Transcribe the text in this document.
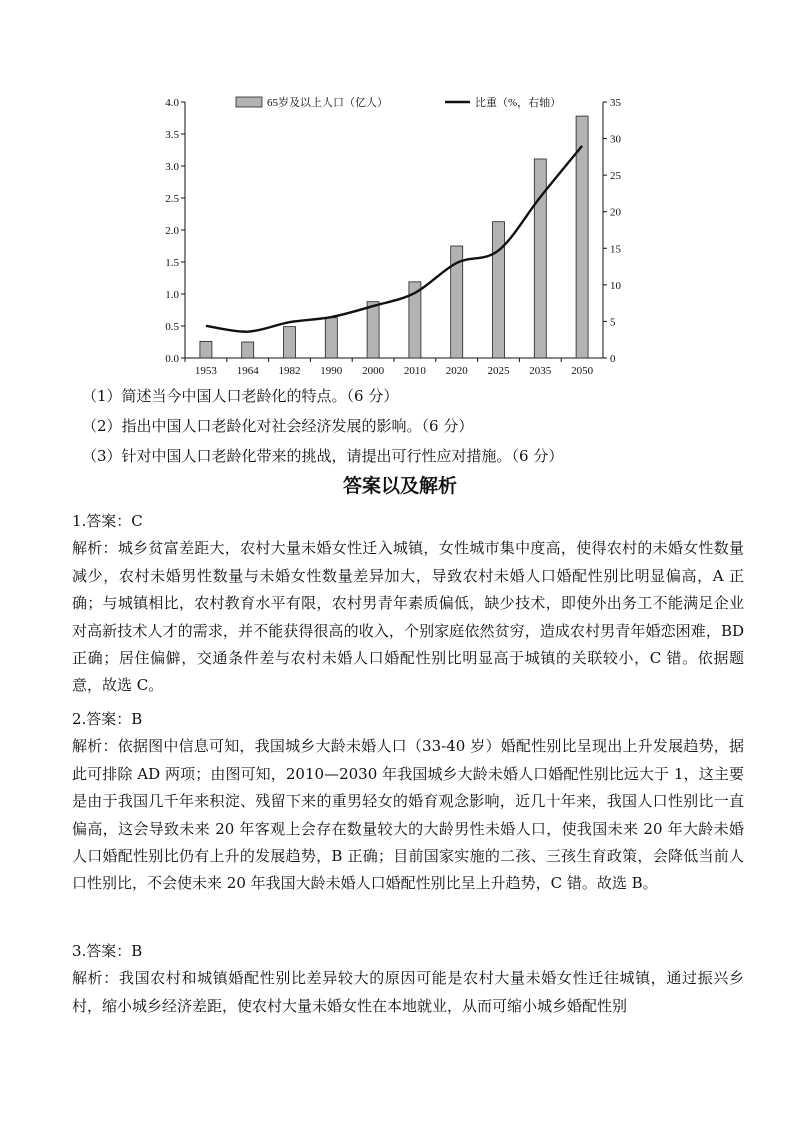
0.0
0.5
1.0
1.5
2.0
2.5
3.0
3.5
4.0
0
5
10
15
20
25
30
35
1953 1964 1982 1990 2000 2010 2020 2025 2035 2050
65岁及以上人口（亿人）	比重（%，右轴）
（1）简述当今中国人口老龄化的特点。（6 分）
（2）指出中国人口老龄化对社会经济发展的影响。（6 分）
（3）针对中国人口老龄化带来的挑战，请提出可行性应对措施。（6 分）
答案以及解析

1.答案：C

解析：城乡贫富差距大，农村大量未婚女性迁入城镇，女性城市集中度高，使得农村的未婚女性数量减少，农村未婚男性数量与未婚女性数量差异加大，导致农村未婚人口婚配性别比明显偏高，A 正确；与城镇相比，农村教育水平有限，农村男青年素质偏低，缺少技术，即使外出务工不能满足企业对高新技术人才的需求，并不能获得很高的收入，个别家庭依然贫穷，造成农村男青年婚恋困难，BD 正确；居住偏僻，交通条件差与农村未婚人口婚配性别比明显高于城镇的关联较小，C 错。依据题意，故选 C。

2.答案：B

解析：依据图中信息可知，我国城乡大龄未婚人口（33-40 岁）婚配性别比呈现出上升发展趋势，据此可排除 AD 两项；由图可知，2010—2030 年我国城乡大龄未婚人口婚配性别比远大于 1，这主要是由于我国几千年来积淀、残留下来的重男轻女的婚育观念影响，近几十年来，我国人口性别比一直偏高，这会导致未来 20 年客观上会存在数量较大的大龄男性未婚人口，使我国未来 20 年大龄未婚人口婚配性别比仍有上升的发展趋势，B 正确；目前国家实施的二孩、三孩生育政策，会降低当前人口性别比，不会使未来 20 年我国大龄未婚人口婚配性别比呈上升趋势，C 错。故选 B。

3.答案：B

解析：我国农村和城镇婚配性别比差异较大的原因可能是农村大量未婚女性迁往城镇，通过振兴乡村，缩小城乡经济差距，使农村大量未婚女性在本地就业，从而可缩小城乡婚配性别
